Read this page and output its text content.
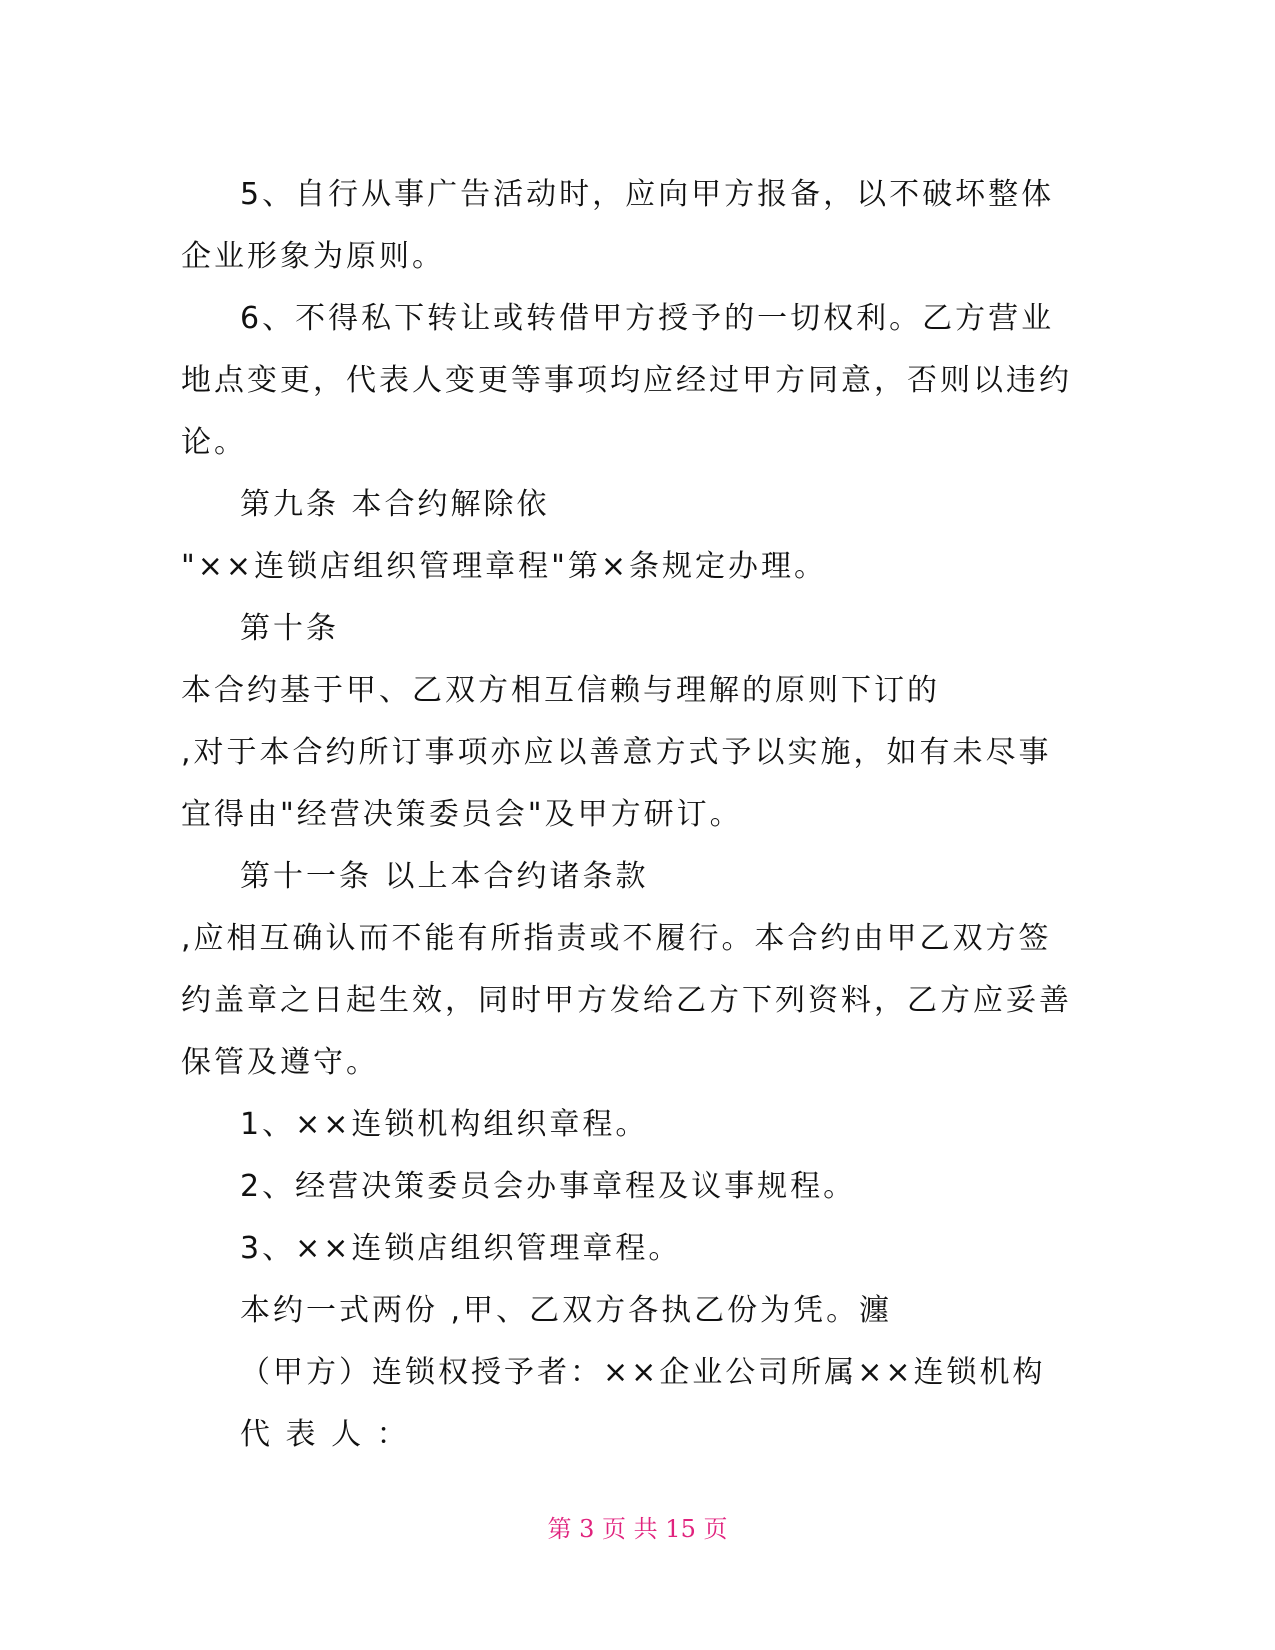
5、自行从事广告活动时，应向甲方报备，以不破坏整体

企业形象为原则。

6、不得私下转让或转借甲方授予的一切权利。乙方营业

地点变更，代表人变更等事项均应经过甲方同意，否则以违约

论。

第九条 本合约解除依

"××连锁店组织管理章程"第×条规定办理。

第十条

本合约基于甲、乙双方相互信赖与理解的原则下订的

,对于本合约所订事项亦应以善意方式予以实施，如有未尽事

宜得由"经营决策委员会"及甲方研订。

第十一条 以上本合约诸条款

,应相互确认而不能有所指责或不履行。本合约由甲乙双方签

约盖章之日起生效，同时甲方发给乙方下列资料，乙方应妥善

保管及遵守。

1、××连锁机构组织章程。

2、经营决策委员会办事章程及议事规程。

3、××连锁店组织管理章程。

本约一式两份 ,甲、乙双方各执乙份为凭。瀍

（甲方）连锁权授予者：××企业公司所属××连锁机构

代 表 人 ：

第 3 页 共 15 页
